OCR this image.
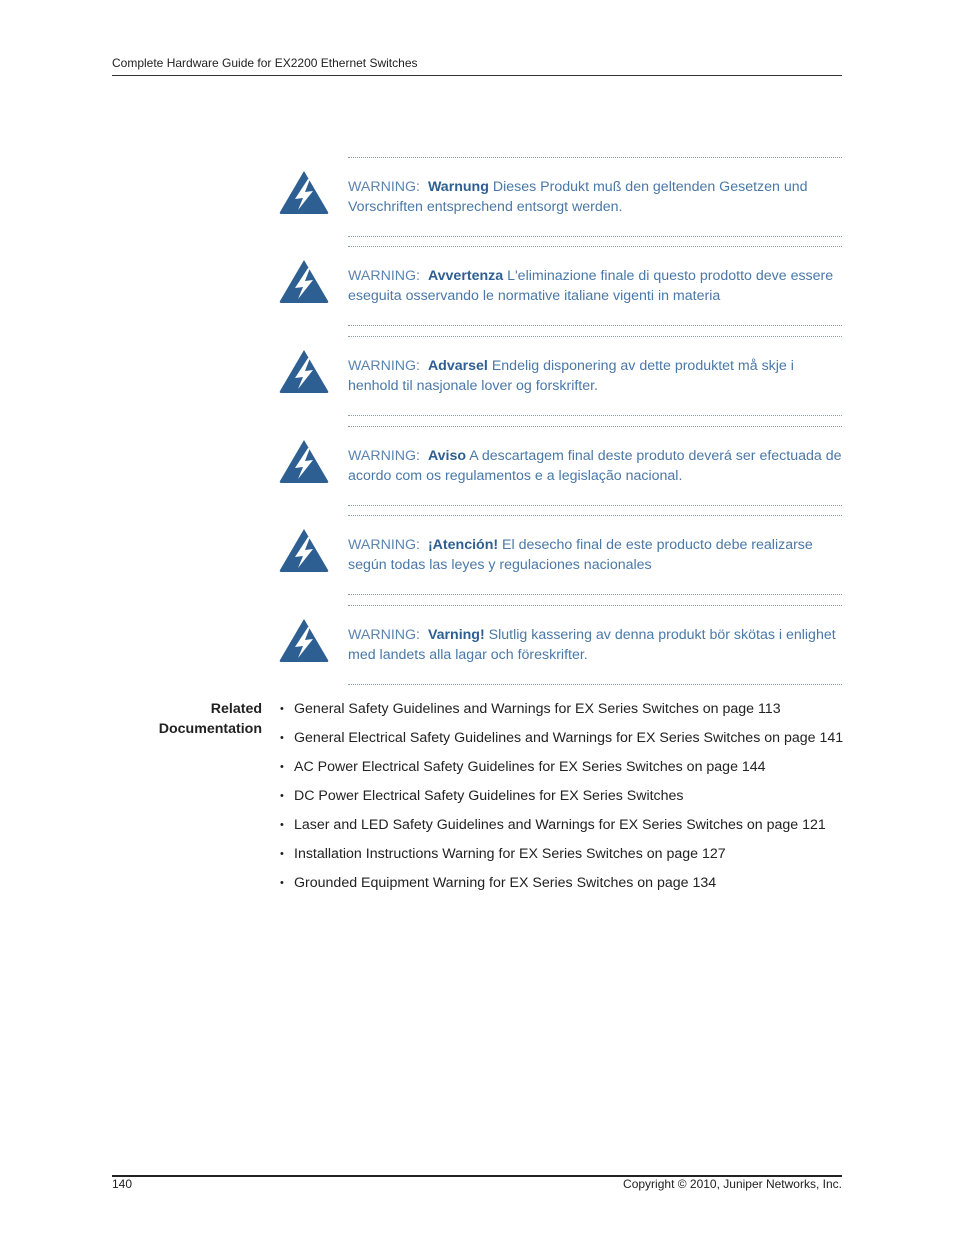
Complete Hardware Guide for EX2200 Ethernet Switches
WARNING: Warnung Dieses Produkt muß den geltenden Gesetzen und Vorschriften entsprechend entsorgt werden.
WARNING: Avvertenza L'eliminazione finale di questo prodotto deve essere eseguita osservando le normative italiane vigenti in materia
WARNING: Advarsel Endelig disponering av dette produktet må skje i henhold til nasjonale lover og forskrifter.
WARNING: Aviso A descartagem final deste produto deverá ser efectuada de acordo com os regulamentos e a legislação nacional.
WARNING: ¡Atención! El desecho final de este producto debe realizarse según todas las leyes y regulaciones nacionales
WARNING: Varning! Slutlig kassering av denna produkt bör skötas i enlighet med landets alla lagar och föreskrifter.
Related
Documentation
• General Safety Guidelines and Warnings for EX Series Switches on page 113
• General Electrical Safety Guidelines and Warnings for EX Series Switches on page 141
• AC Power Electrical Safety Guidelines for EX Series Switches on page 144
• DC Power Electrical Safety Guidelines for EX Series Switches
• Laser and LED Safety Guidelines and Warnings for EX Series Switches on page 121
• Installation Instructions Warning for EX Series Switches on page 127
• Grounded Equipment Warning for EX Series Switches on page 134
140	Copyright © 2010, Juniper Networks, Inc.
